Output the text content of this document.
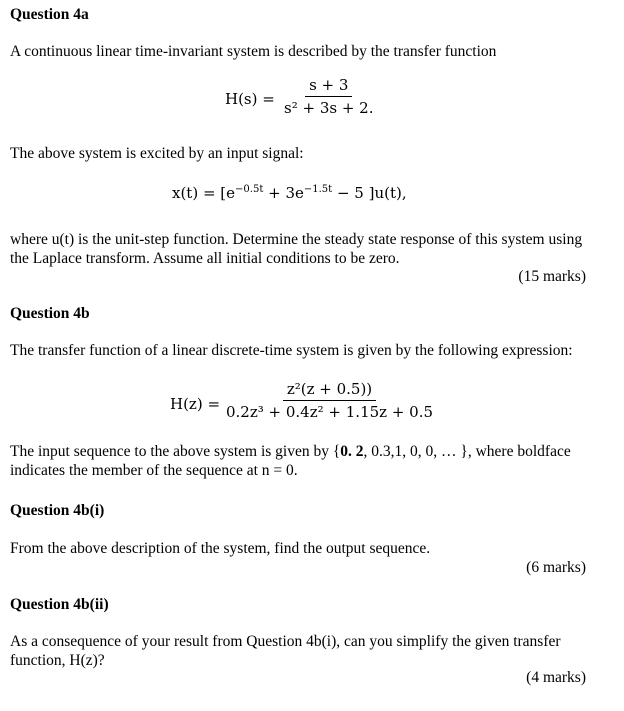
Question 4a
A continuous linear time-invariant system is described by the transfer function
$H(s) = \frac{s + 3}{\text{s² + 3s + 2.}}$
The above system is excited by an input signal:
$x(t) = [e^{-0.5t} + 3e^{-1.5t} - 5$ ]u(t),
where u(t) is the unit-step function. Determine the steady state response of this system using the Laplace transform. Assume all initial conditions to be zero.
(15 marks)
Question 4b
The transfer function of a linear discrete-time system is given by the following expression:
$H(z) = \frac{\text{z²(z + 0.5))}}{\text{0.2z³ + 0.4z² + 1.15z + 0.5}}$
The input sequence to the above system is given by {0. 2, 0.3,1, 0, 0, … }, where boldface
indicates the member of the sequence at n = 0.
Question 4b(i)
From the above description of the system, find the output sequence.
(6 marks)
Question 4b(ii)
As a consequence of your result from Question 4b(i), can you simplify the given transfer function, H(z)?
(4 marks)
